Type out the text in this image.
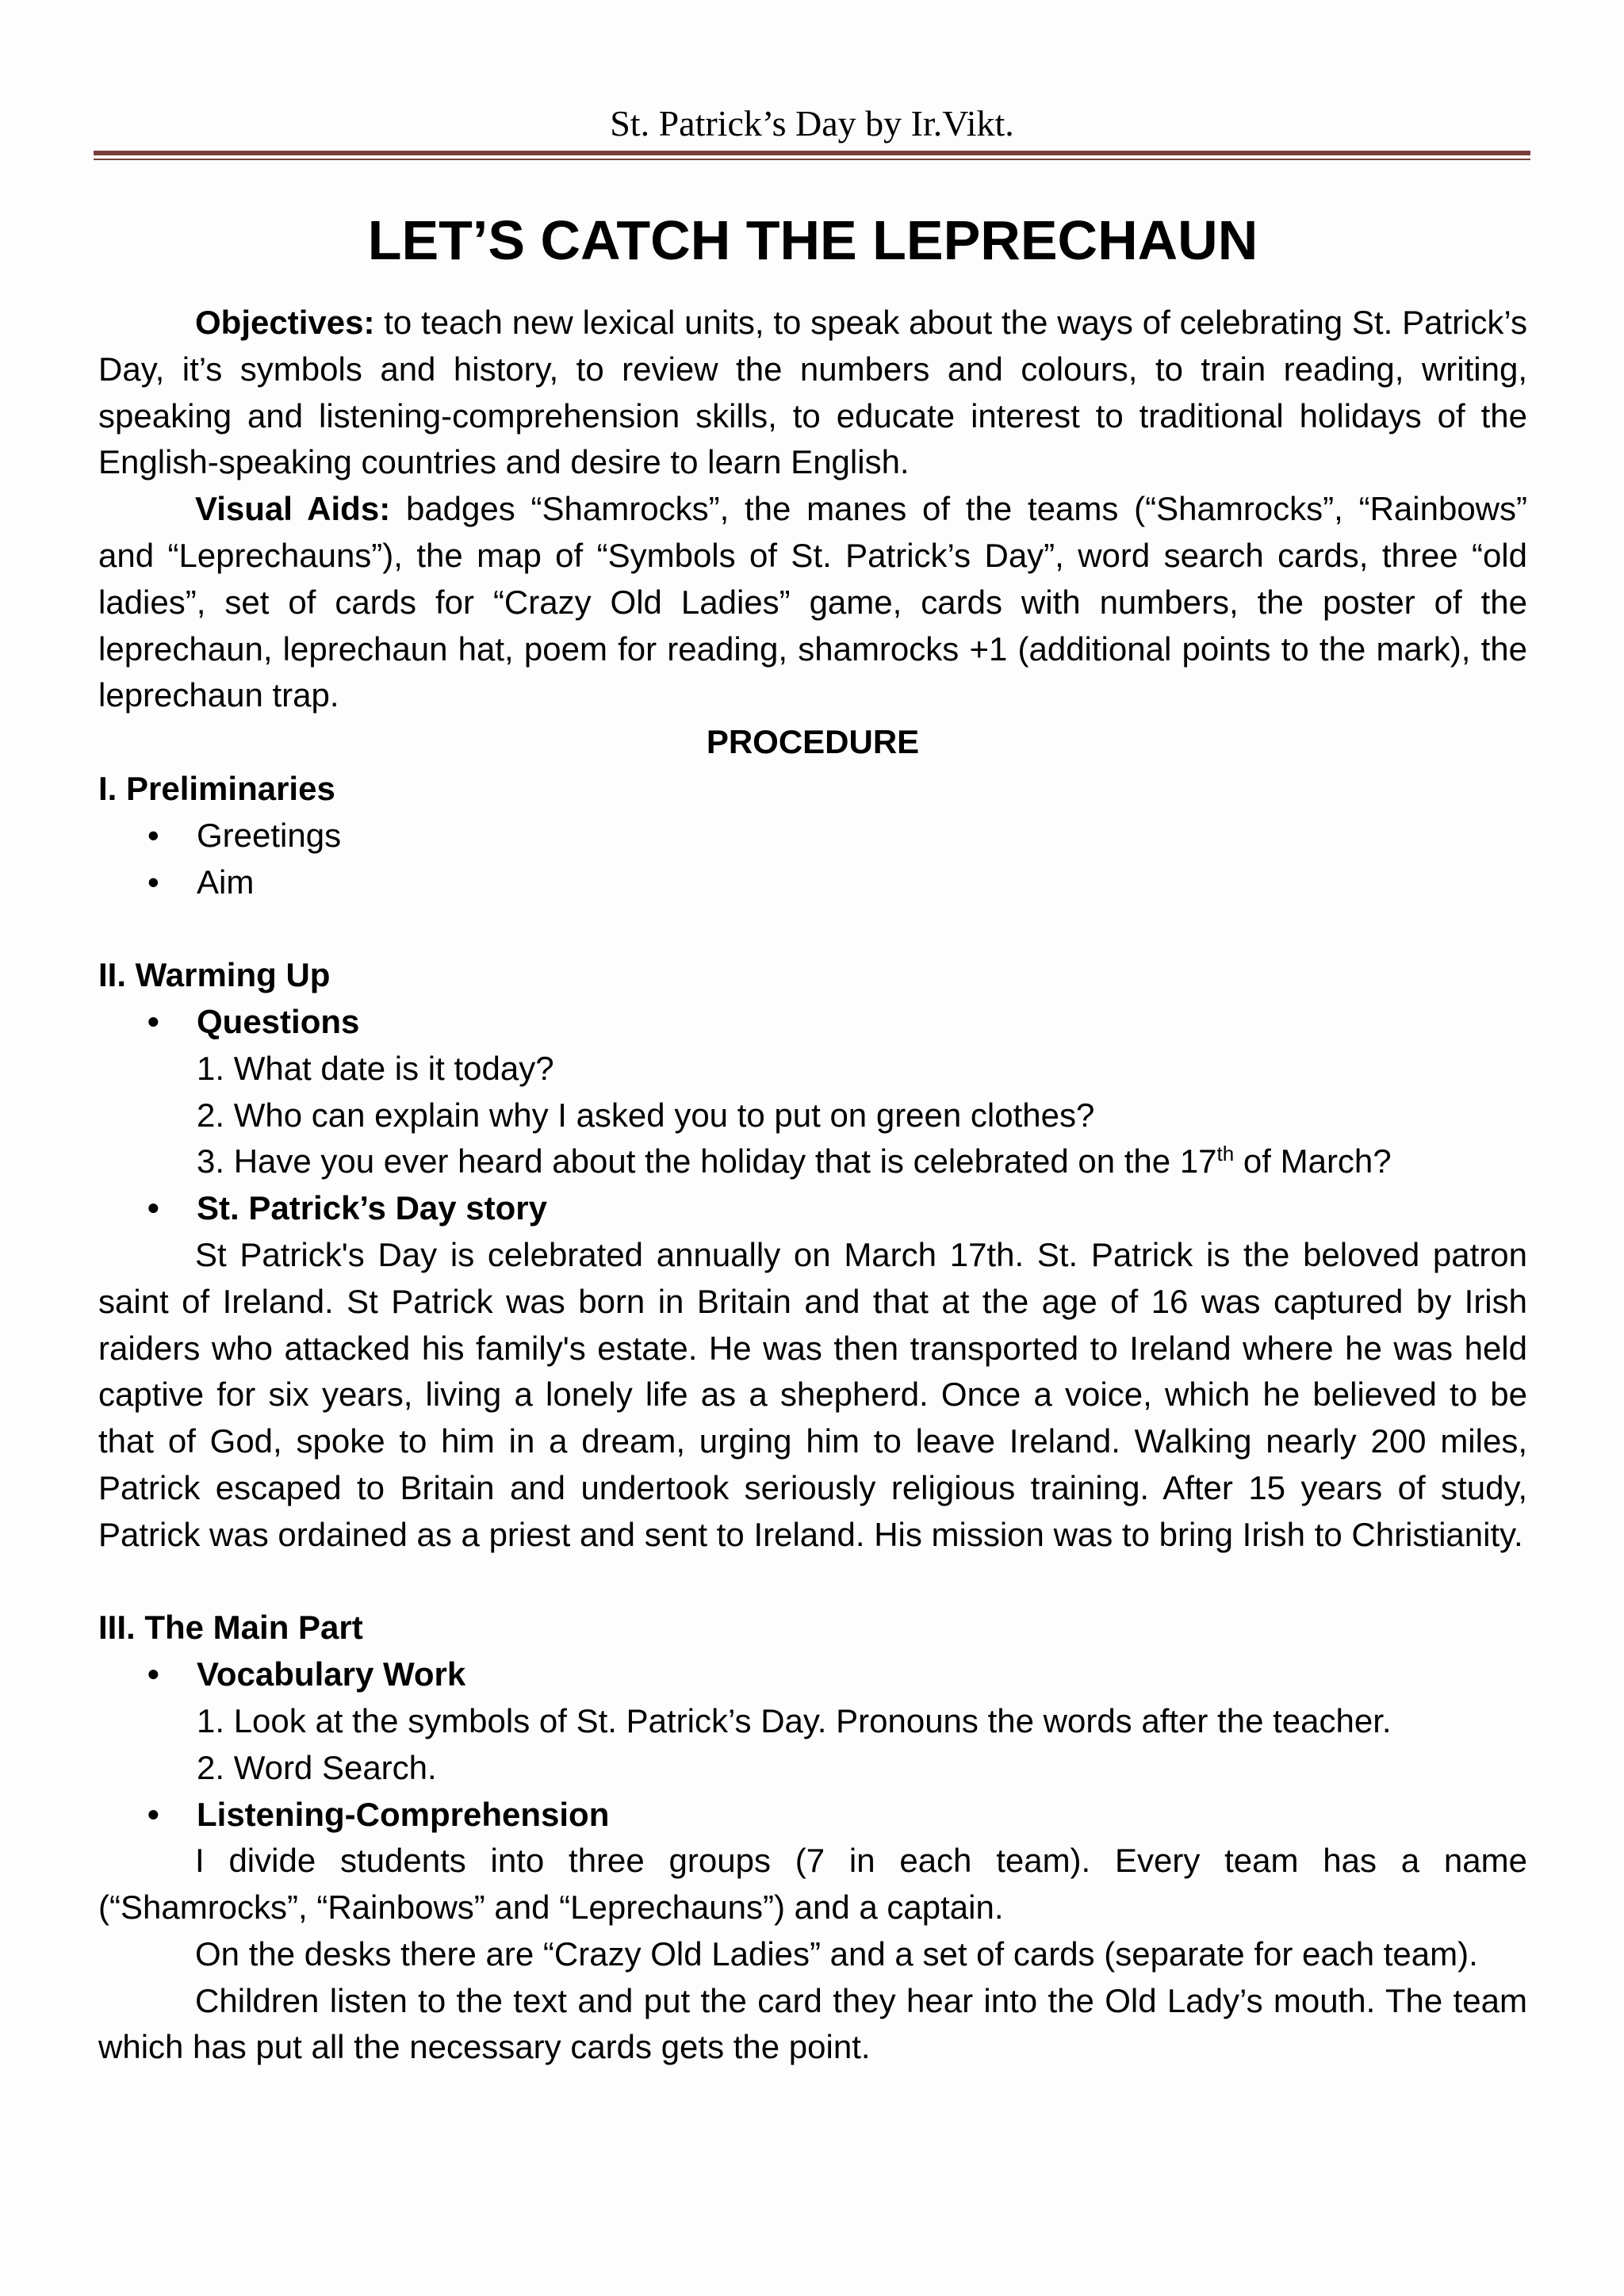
St. Patrick’s Day by Ir.Vikt.
LET’S CATCH THE LEPRECHAUN

Objectives: to teach new lexical units, to speak about the ways of celebrating St. Patrick’s Day, it’s symbols and history, to review the numbers and colours, to train reading, writing, speaking and listening-comprehension skills, to educate interest to traditional holidays of the English-speaking countries and desire to learn English.

Visual Aids: badges “Shamrocks”, the manes of the teams (“Shamrocks”, “Rainbows” and “Leprechauns”), the map of “Symbols of St. Patrick’s Day”, word search cards, three “old ladies”, set of cards for “Crazy Old Ladies” game, cards with numbers, the poster of the leprechaun, leprechaun hat, poem for reading, shamrocks +1 (additional points to the mark), the leprechaun trap.

PROCEDURE

I. Preliminaries

• Greetings

• Aim

II. Warming Up

• Questions

1. What date is it today?

2. Who can explain why I asked you to put on green clothes?

3. Have you ever heard about the holiday that is celebrated on the 17th of March?

• St. Patrick’s Day story

St Patrick's Day is celebrated annually on March 17th. St. Patrick is the beloved patron saint of Ireland. St Patrick was born in Britain and that at the age of 16 was captured by Irish raiders who attacked his family's estate. He was then transported to Ireland where he was held captive for six years, living a lonely life as a shepherd. Once a voice, which he believed to be that of God, spoke to him in a dream, urging him to leave Ireland. Walking nearly 200 miles, Patrick escaped to Britain and undertook seriously religious training. After 15 years of study, Patrick was ordained as a priest and sent to Ireland. His mission was to bring Irish to Christianity.

III. The Main Part

• Vocabulary Work

1. Look at the symbols of St. Patrick’s Day. Pronouns the words after the teacher.

2. Word Search.

• Listening-Comprehension

I divide students into three groups (7 in each team). Every team has a name (“Shamrocks”, “Rainbows” and “Leprechauns”) and a captain.

On the desks there are “Crazy Old Ladies” and a set of cards (separate for each team).

Children listen to the text and put the card they hear into the Old Lady’s mouth. The team which has put all the necessary cards gets the point.
